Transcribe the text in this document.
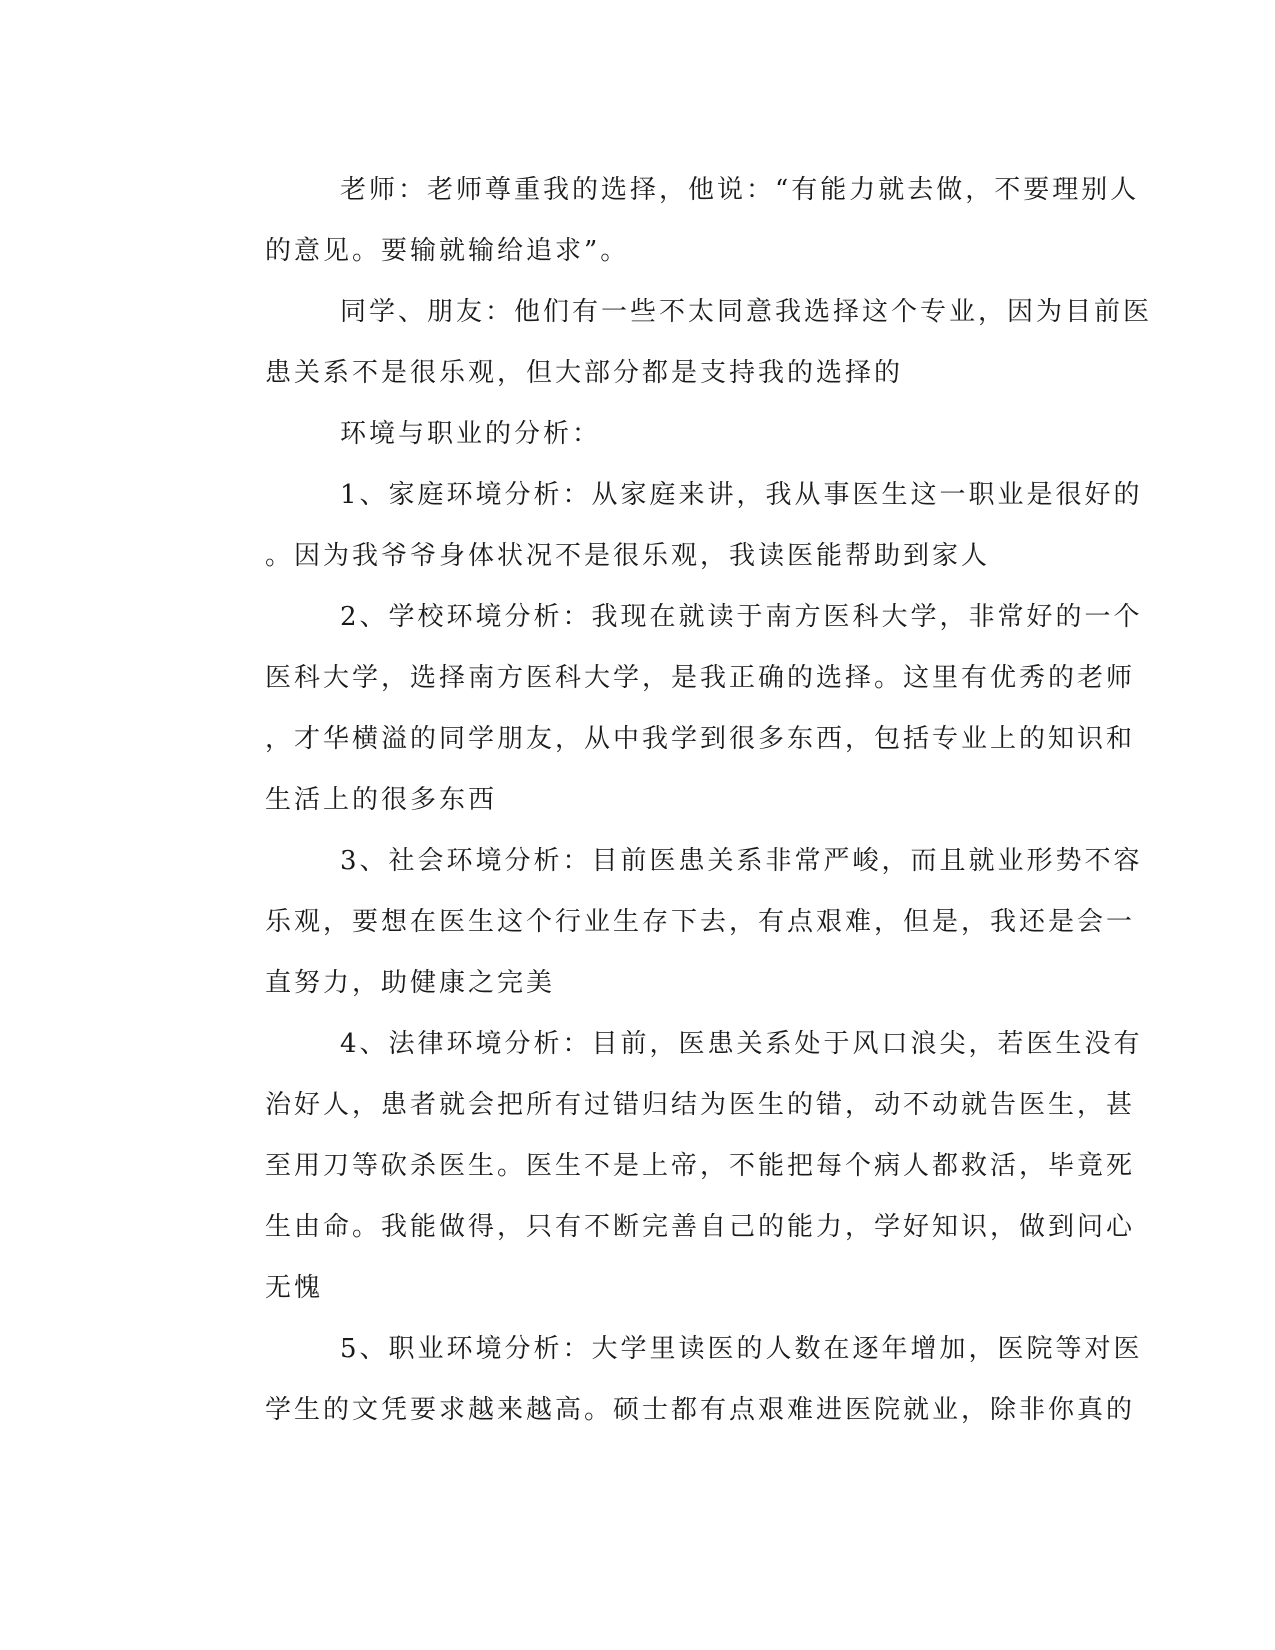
老师：老师尊重我的选择，他说：“有能力就去做，不要理别人
的意见。要输就输给追求”。
同学、朋友：他们有一些不太同意我选择这个专业，因为目前医
患关系不是很乐观，但大部分都是支持我的选择的
环境与职业的分析：
1、家庭环境分析：从家庭来讲，我从事医生这一职业是很好的
。因为我爷爷身体状况不是很乐观，我读医能帮助到家人
2、学校环境分析：我现在就读于南方医科大学，非常好的一个
医科大学，选择南方医科大学，是我正确的选择。这里有优秀的老师
，才华横溢的同学朋友，从中我学到很多东西，包括专业上的知识和
生活上的很多东西
3、社会环境分析：目前医患关系非常严峻，而且就业形势不容
乐观，要想在医生这个行业生存下去，有点艰难，但是，我还是会一
直努力，助健康之完美
4、法律环境分析：目前，医患关系处于风口浪尖，若医生没有
治好人，患者就会把所有过错归结为医生的错，动不动就告医生，甚
至用刀等砍杀医生。医生不是上帝，不能把每个病人都救活，毕竟死
生由命。我能做得，只有不断完善自己的能力，学好知识，做到问心
无愧
5、职业环境分析：大学里读医的人数在逐年增加，医院等对医
学生的文凭要求越来越高。硕士都有点艰难进医院就业，除非你真的
